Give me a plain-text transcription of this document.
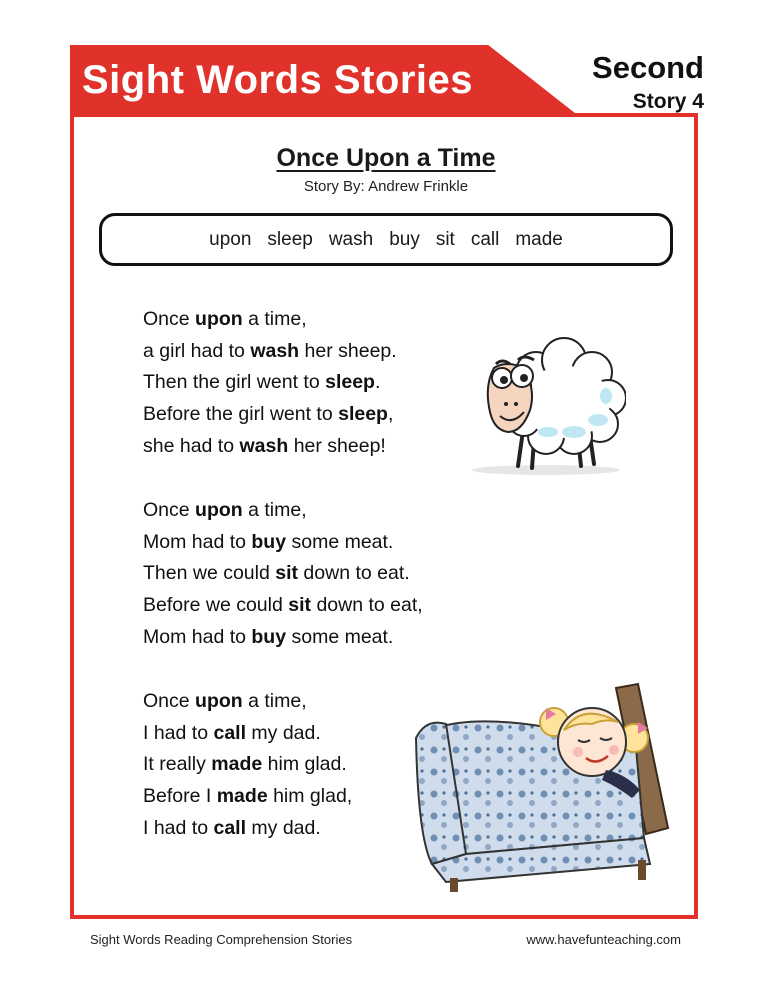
Sight Words Stories	Second
Story 4
Once Upon a Time
Story By: Andrew Frinkle
upon sleep wash buy sit call made
Once upon a time,
a girl had to wash her sheep.
Then the girl went to sleep.
Before the girl went to sleep,
she had to wash her sheep!
Once upon a time,
Mom had to buy some meat.
Then we could sit down to eat.
Before we could sit down to eat,
Mom had to buy some meat.
Once upon a time,
I had to call my dad.
It really made him glad.
Before I made him glad,
I had to call my dad.
Sight Words Reading Comprehension Stories	www.havefunteaching.com
